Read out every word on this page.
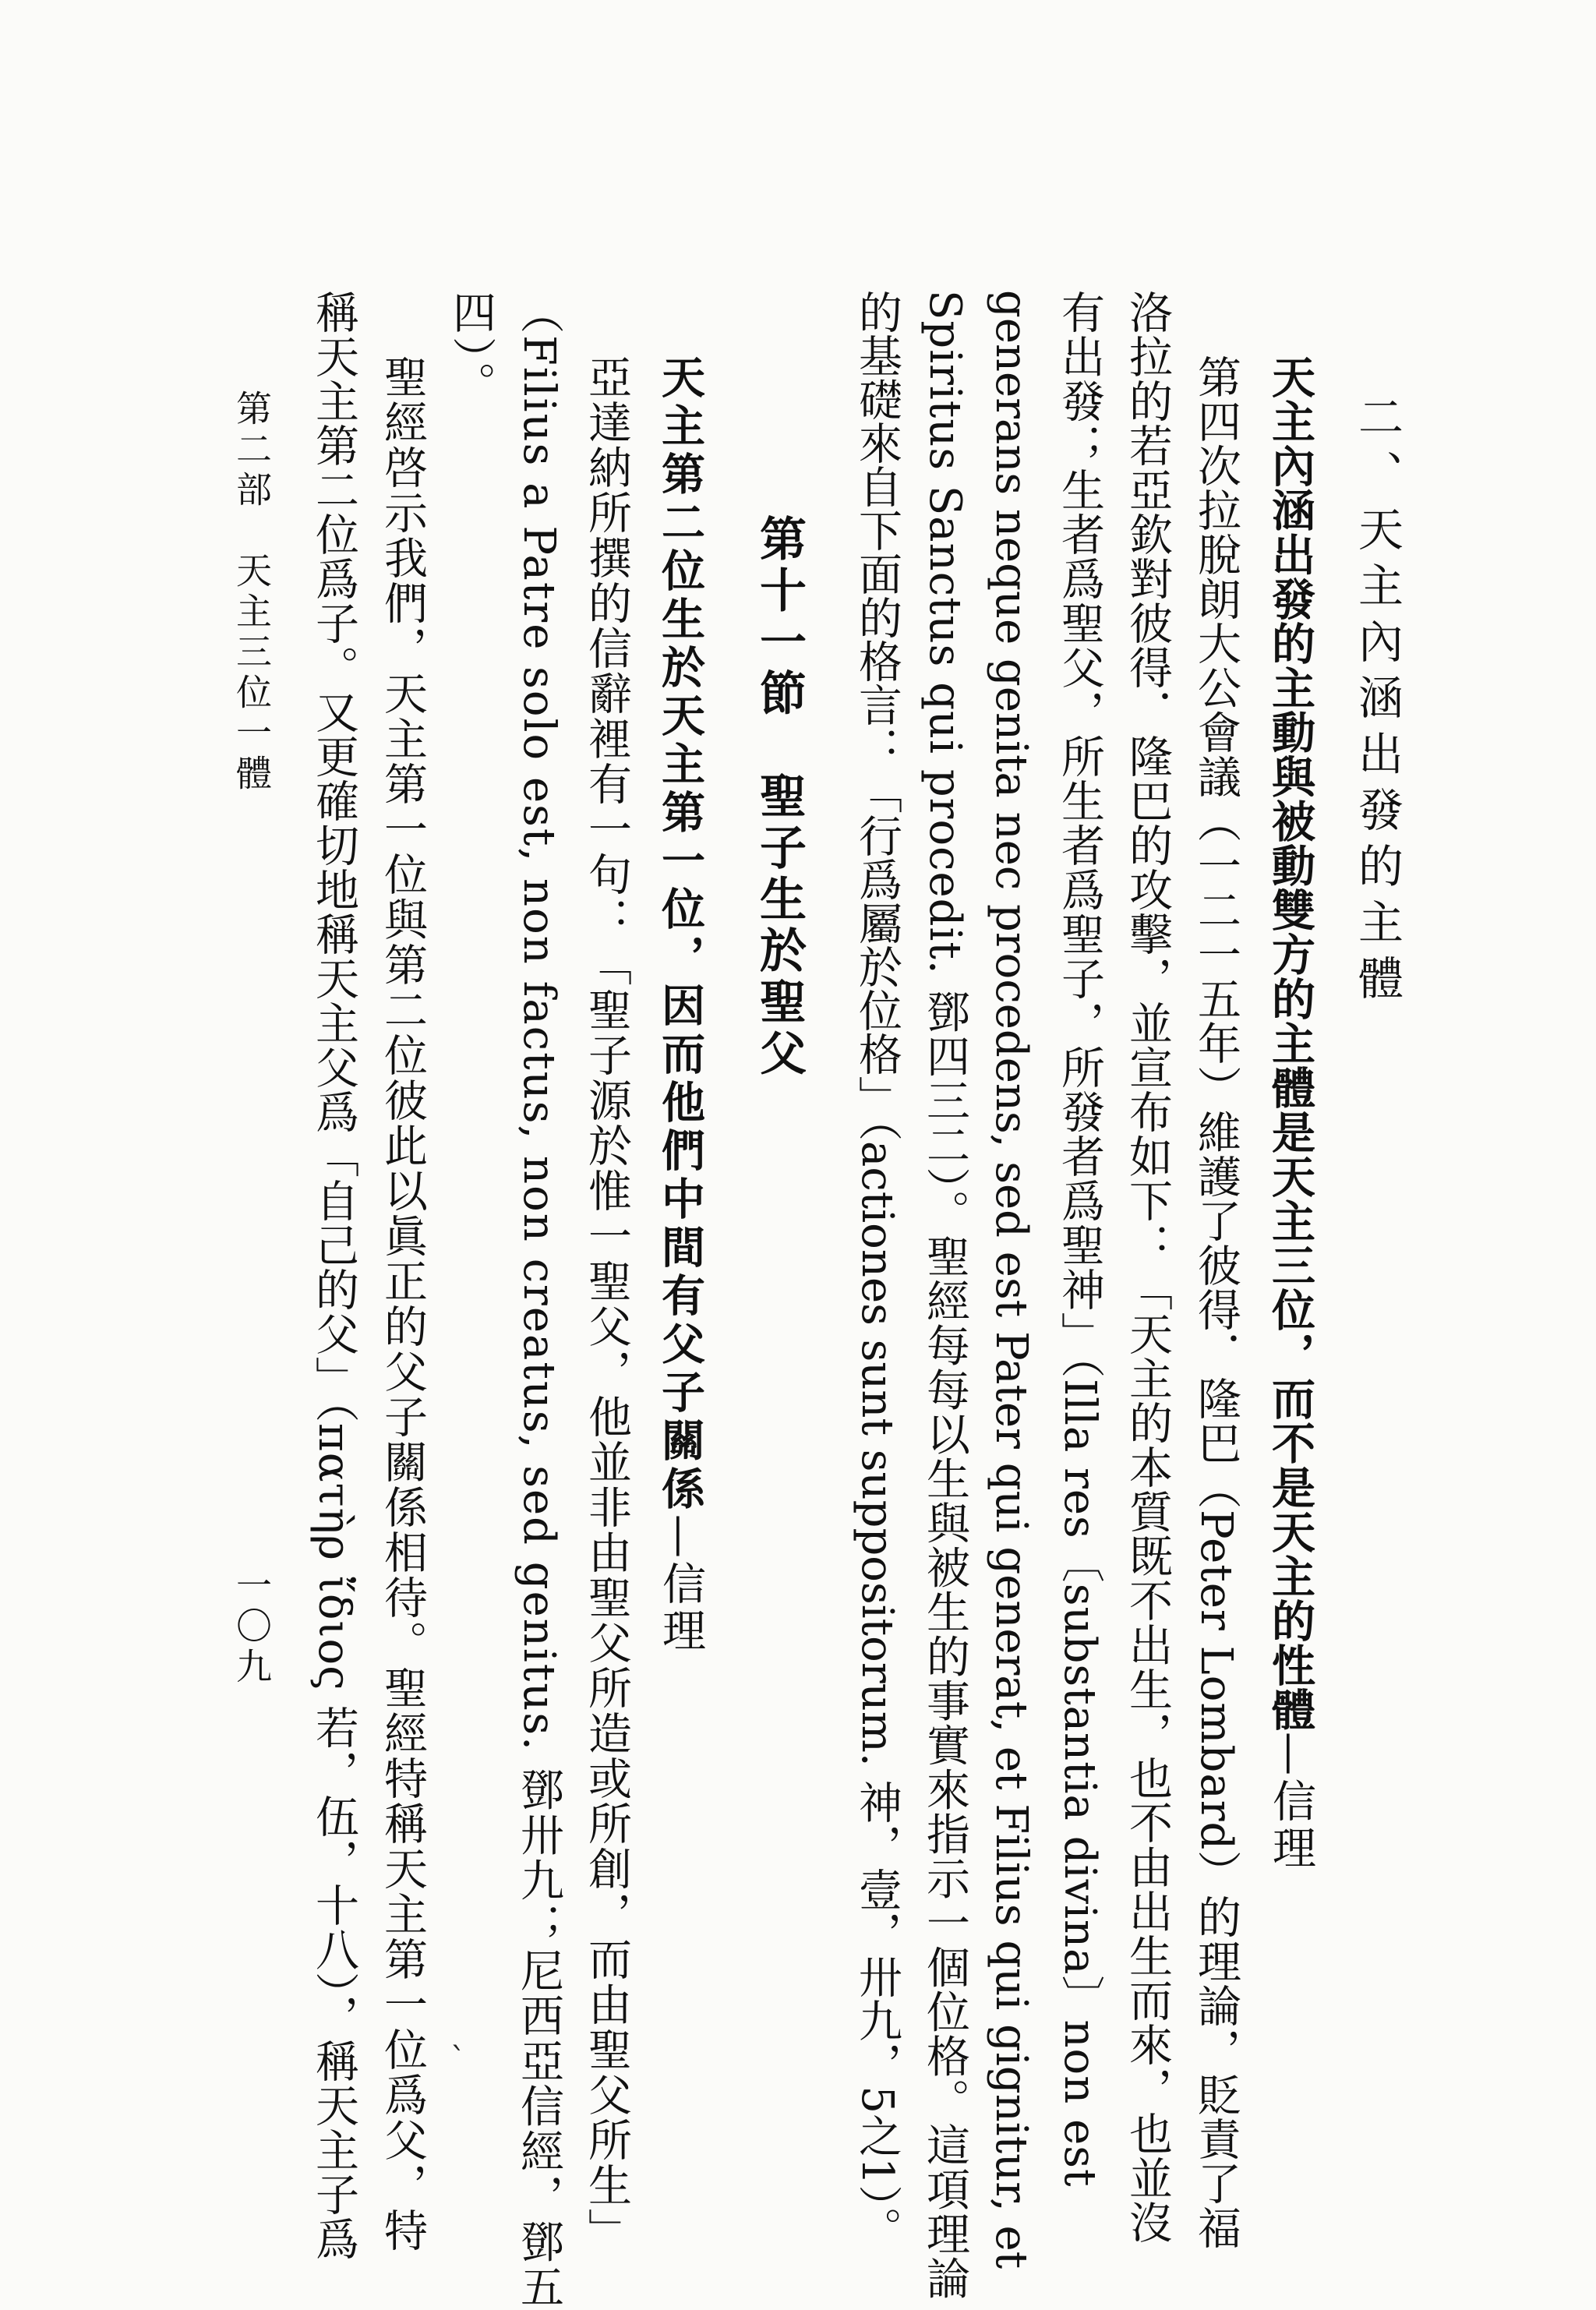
二、天主內涵出發的主體
天主內涵出發的主動與被動雙方的主體是天主三位，而不是天主的性體—信理
第四次拉脫朗大公會議（一二一五年）維護了彼得．隆巴（Peter Lombard）的理論，貶責了福
洛拉的若亞欽對彼得．隆巴的攻擊，並宣布如下：「天主的本質既不出生，也不由出生而來，也並沒
有出發；生者爲聖父，所生者爲聖子，所發者爲聖神」（Illa res〔substantia divina〕non est
generans neque genita nec procedens, sed est Pater qui generat, et Filius qui gignitur, et
Spiritus Sanctus qui procedit. 鄧四三二）。聖經每每以生與被生的事實來指示一個位格。這項理論
的基礎來自下面的格言：「行爲屬於位格」（actiones sunt suppositorum. 神，壹，卅九，5之1）。
第十一節　聖子生於聖父
天主第二位生於天主第一位，因而他們中間有父子關係—信理
亞達納所撰的信辭裡有一句：「聖子源於惟一聖父，他並非由聖父所造或所創，而由聖父所生」
（Filius a Patre solo est, non factus, non creatus, sed genitus. 鄧卅九；尼西亞信經，鄧五
四）。
聖經啓示我們，天主第一位與第二位彼此以眞正的父子關係相待。聖經特稱天主第一位爲父，特
稱天主第二位爲子。又更確切地稱天主父爲「自己的父」（πατὴρ ἴδιος 若，伍，十八），稱天主子爲
第二部　天主三位一體
一〇九
`
